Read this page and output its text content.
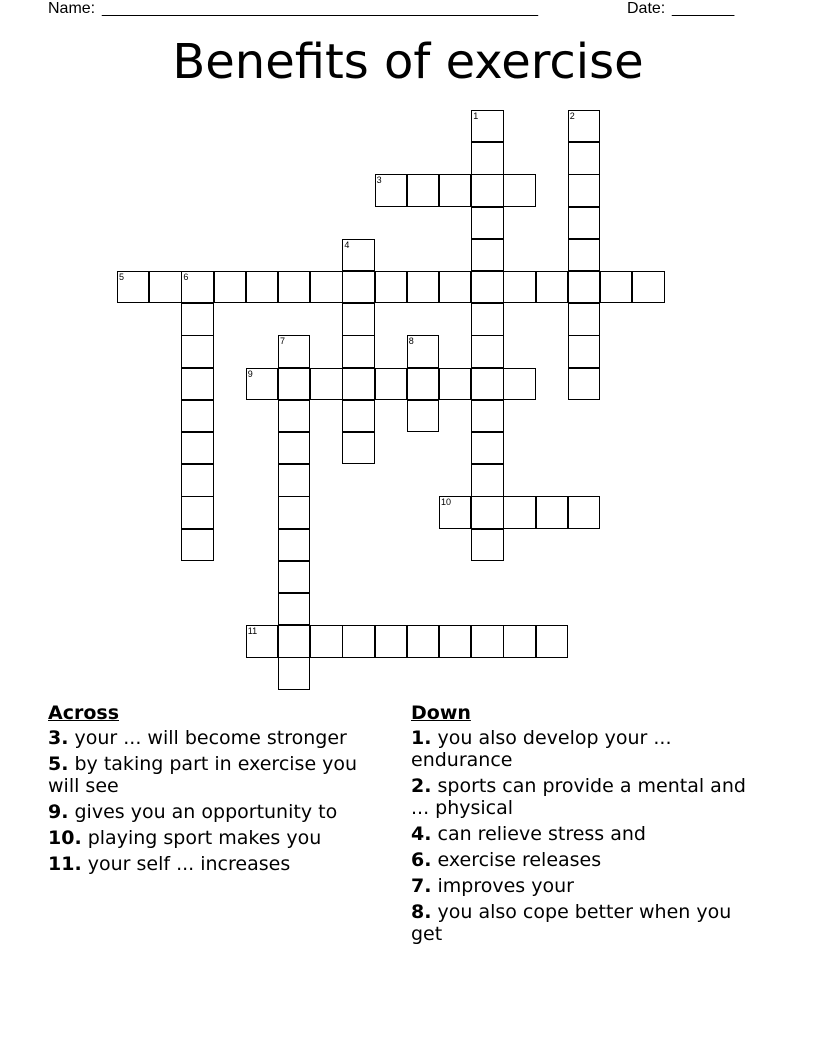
Name: _________________________________________________	Date: _______
Benefits of exercise
1	2
3
4
5	6
7	8
9
10
11
Across
3. your ... will become stronger
5. by taking part in exercise you will see
9. gives you an opportunity to
10. playing sport makes you
11. your self ... increases
Down
1. you also develop your ... endurance
2. sports can provide a mental and ... physical
4. can relieve stress and
6. exercise releases
7. improves your
8. you also cope better when you get
